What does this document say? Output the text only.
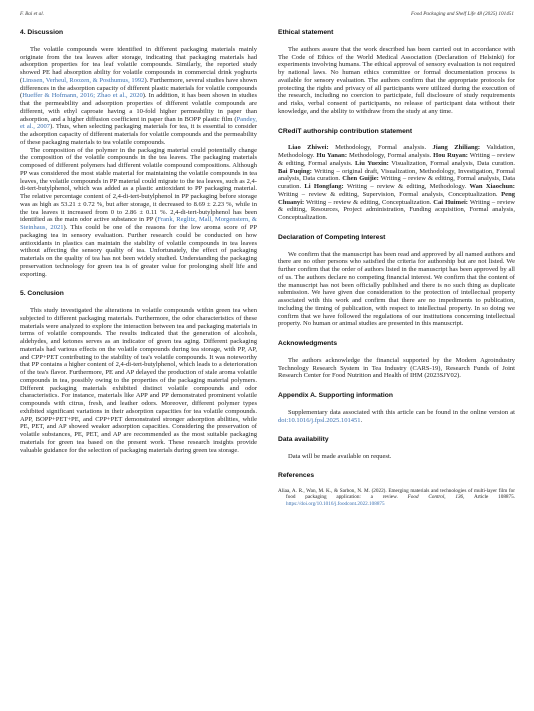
F. Bai et al.	Food Packaging and Shelf Life 48 (2025) 101451
4. Discussion

The volatile compounds were identified in different packaging materials mainly originate from the tea leaves after storage, indicating that packaging materials had adsorption properties for tea leaf volatile compounds. Similarly, the reported study showed PE had absorption ability for volatile compounds in commercial drink yoghurts (Linssen, Verheul, Roozen, & Posthumus, 1992). Furthermore, several studies have shown differences in the adsorption capacity of different plastic materials for volatile compounds (Hueffer & Hofmann, 2016; Zhao et al., 2020). In addition, it has been shown in studies that the permeability and adsorption properties of different volatile compounds are different, with ethyl caproate having a 10-fold higher permeability in paper than adsorption, and a higher diffusion coefficient in paper than in BOPP plastic film (Pandey, et al., 2007). Thus, when selecting packaging materials for tea, it is essential to consider the adsorption capacity of different materials for volatile compounds and the permeability of these packaging materials to tea volatile compounds.

The composition of the polymer in the packaging material could potentially change the composition of the volatile compounds in the tea leaves. The packaging materials composed of different polymers had different volatile compound compositions. Although PP was considered the most stable material for maintaining the volatile compounds in tea leaves, the volatile compounds in PP material could migrate to the tea leaves, such as 2,4-di-tert-butylphenol, which was added as a plastic antioxidant to PP packaging material. The relative percentage content of 2,4-di-tert-butylphenol in PP packaging before storage was as high as 53.21 ± 0.72 %, but after storage, it decreased to 8.69 ± 2.23 %, while in the tea leaves it increased from 0 to 2.86 ± 0.11 %. 2,4-di-tert-butylphenol has been identified as the main odor active substance in PP (Frank, Reglitz, Mall, Morgenstern, & Steinhaus, 2021). This could be one of the reasons for the low aroma score of PP packaging tea in sensory evaluation. Further research could be conducted on how antioxidants in plastics can maintain the stability of volatile compounds in tea leaves without affecting the sensory quality of tea. Unfortunately, the effect of packaging materials on the quality of tea has not been widely studied. Understanding the packaging preservation technology for green tea is of greater value for prolonging shelf life and exporting.

5. Conclusion

This study investigated the alterations in volatile compounds within green tea when subjected to different packaging materials. Furthermore, the odor characteristics of these materials were analyzed to explore the interaction between tea and packaging materials in terms of volatile compounds. The results indicated that the generation of alcohols, aldehydes, and ketones serves as an indicator of green tea aging. Different packaging materials had various effects on the volatile compounds during tea storage, with PP, AP, and CPP+PET contributing to the stability of tea's volatile compounds. It was noteworthy that PP contains a higher content of 2,4-di-tert-butylphenol, which leads to a deterioration of the tea's flavor. Furthermore, PE and AP delayed the production of stale aroma volatile compounds in tea, possibly owing to the properties of the packaging material polymers. Different packaging materials exhibited distinct volatile compounds and odor characteristics. For instance, materials like APP and PP demonstrated prominent volatile compounds with citrus, fresh, and leather odors. Moreover, different polymer types exhibited significant variations in their adsorption capacities for tea volatile compounds. APP, BOPP+PET+PE, and CPP+PET demonstrated stronger adsorption abilities, while PE, PET, and AP showed weaker adsorption capacities. Considering the preservation of volatile substances, PE, PET, and AP are recommended as the most suitable packaging materials for green tea based on the present work. These research insights provide valuable guidance for the selection of packaging materials during green tea storage.

Ethical statement

The authors assure that the work described has been carried out in accordance with The Code of Ethics of the World Medical Association (Declaration of Helsinki) for experiments involving humans. The ethical approval of sensory evaluation is not required by national laws. No human ethics committee or formal documentation process is available for sensory evaluation. The authors confirm that the appropriate protocols for protecting the rights and privacy of all participants were utilized during the execution of the research, including no coercion to participate, full disclosure of study requirements and risks, verbal consent of participants, no release of participant data without their knowledge, and the ability to withdraw from the study at any time.

CRediT authorship contribution statement

Liao Zhiwei: Methodology, Formal analysis. Jiang Zhiliang: Validation, Methodology. Hu Yanan: Methodology, Formal analysis. Hou Ruyan: Writing – review & editing, Formal analysis. Liu Yuexin: Visualization, Formal analysis, Data curation. Bai Fuqing: Writing – original draft, Visualization, Methodology, Investigation, Formal analysis, Data curation. Chen Guijie: Writing – review & editing, Formal analysis, Data curation. Li Hongfang: Writing – review & editing, Methodology. Wan Xiaochun: Writing – review & editing, Supervision, Formal analysis, Conceptualization. Peng Chuanyi: Writing – review & editing, Conceptualization. Cai Huimei: Writing – review & editing, Resources, Project administration, Funding acquisition, Formal analysis, Conceptualization.

Declaration of Competing Interest

We confirm that the manuscript has been read and approved by all named authors and there are no other persons who satisfied the criteria for authorship but are not listed. We further confirm that the order of authors listed in the manuscript has been approved by all of us. The authors declare no competing financial interest. We confirm that the content of the manuscript has not been officially published and there is no such thing as duplicate submission. We have given due consideration to the protection of intellectual property associated with this work and confirm that there are no impediments to publication, including the timing of publication, with respect to intellectual property. In so doing we confirm that we have followed the regulations of our institutions concerning intellectual property. No human or animal studies are presented in this manuscript.

Acknowledgments

The authors acknowledge the financial supported by the Modern Agroindustry Technology Research System in Tea Industry (CARS-19), Research Funds of Joint Research Center for Food Nutrition and Health of IHM (2023SJY02).

Appendix A. Supporting information

Supplementary data associated with this article can be found in the online version at doi:10.1016/j.fpsl.2025.101451.

Data availability

Data will be made available on request.

References

Aliaa, A. R., Wan, M. K., & Sarbon, N. M. (2022). Emerging materials and technologies of multi-layer film for food packaging application: a review. Food Control, 136, Article 108875. https://doi.org/10.1016/j.foodcont.2022.108875
